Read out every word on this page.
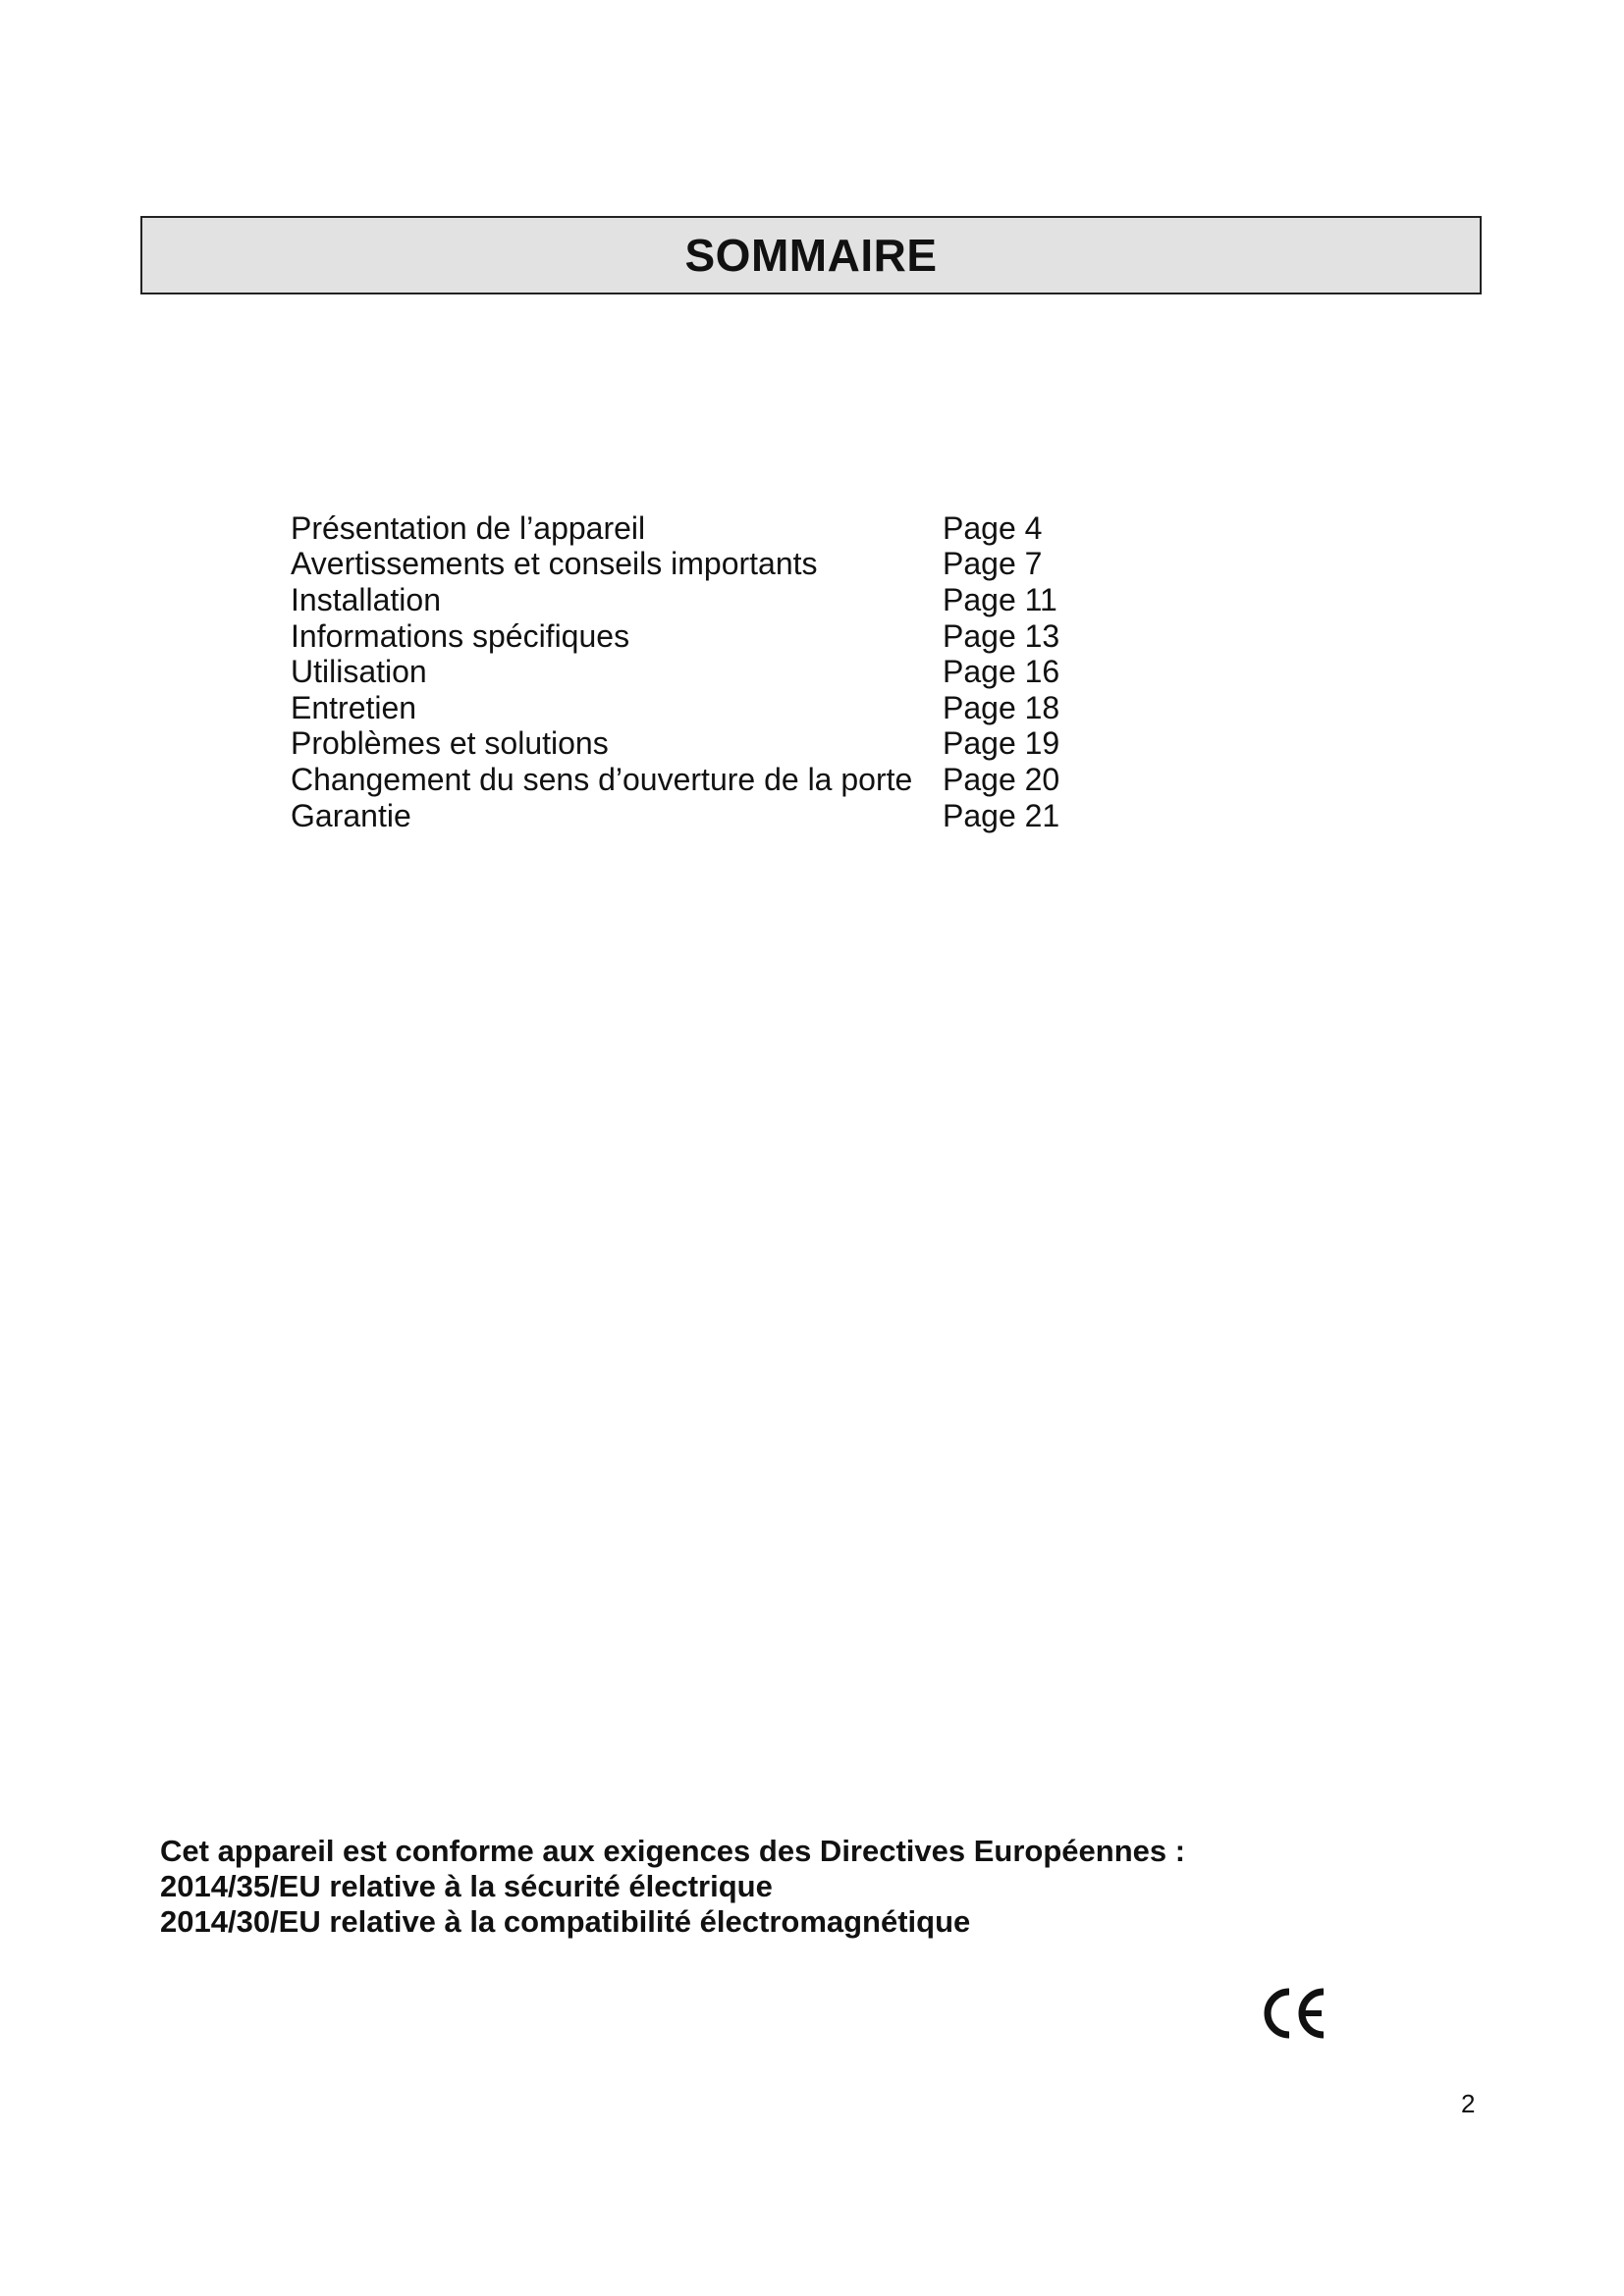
SOMMAIRE
Présentation de l’appareil	Page 4
Avertissements et conseils importants	Page 7
Installation	Page 11
Informations spécifiques	Page 13
Utilisation	Page 16
Entretien	Page 18
Problèmes et solutions	Page 19
Changement du sens d’ouverture de la porte Page 20
Garantie	Page 21
Cet appareil est conforme aux exigences des Directives Européennes :
2014/35/EU relative à la sécurité électrique
2014/30/EU relative à la compatibilité électromagnétique
2
